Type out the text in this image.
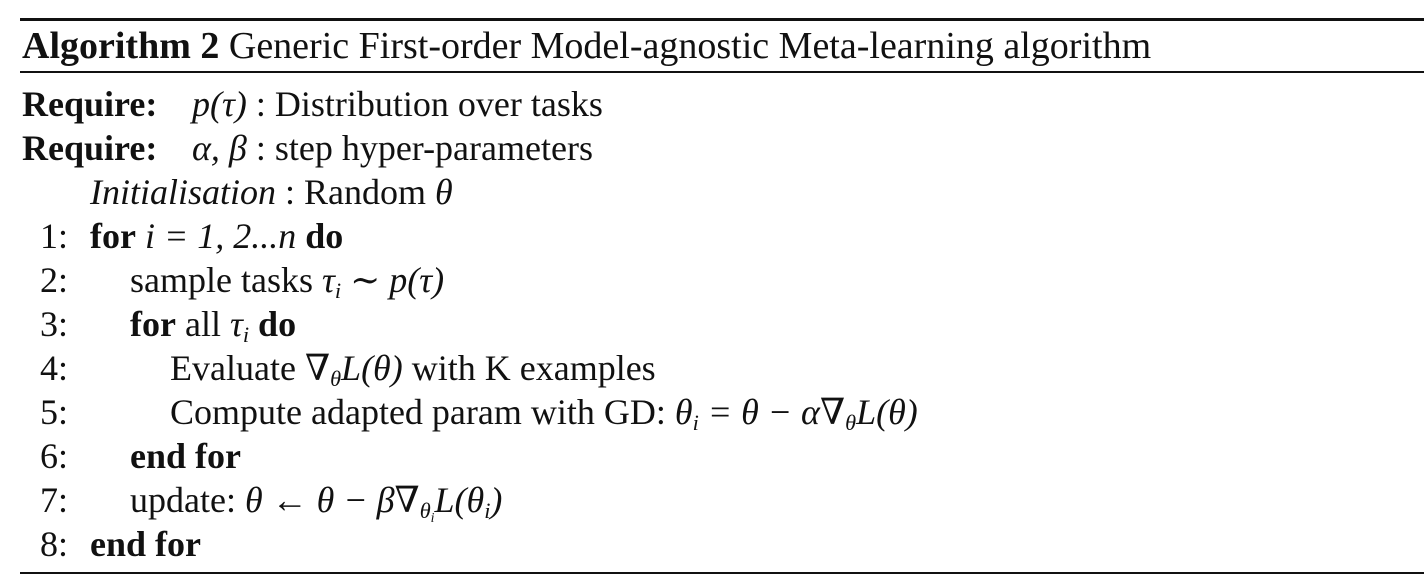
Algorithm 2 Generic First-order Model-agnostic Meta-learning algorithm
Require: p(τ) : Distribution over tasks
Require: α, β : step hyper-parameters
Initialisation : Random θ
1: for i = 1, 2...n do
2:	sample tasks $\tau_i$ ∼ p(τ)
3:	for all $\tau_i$ do
4:	Evaluate $\nabla_\theta L(\theta)$ with K examples
5:	Compute adapted param with GD: $\theta_i = \theta - \alpha\nabla_\theta L(\theta)$
6:	end for
7:	update: θ ← $\theta - \beta\nabla_{\theta_i}L(\theta_i)$
8: end for
